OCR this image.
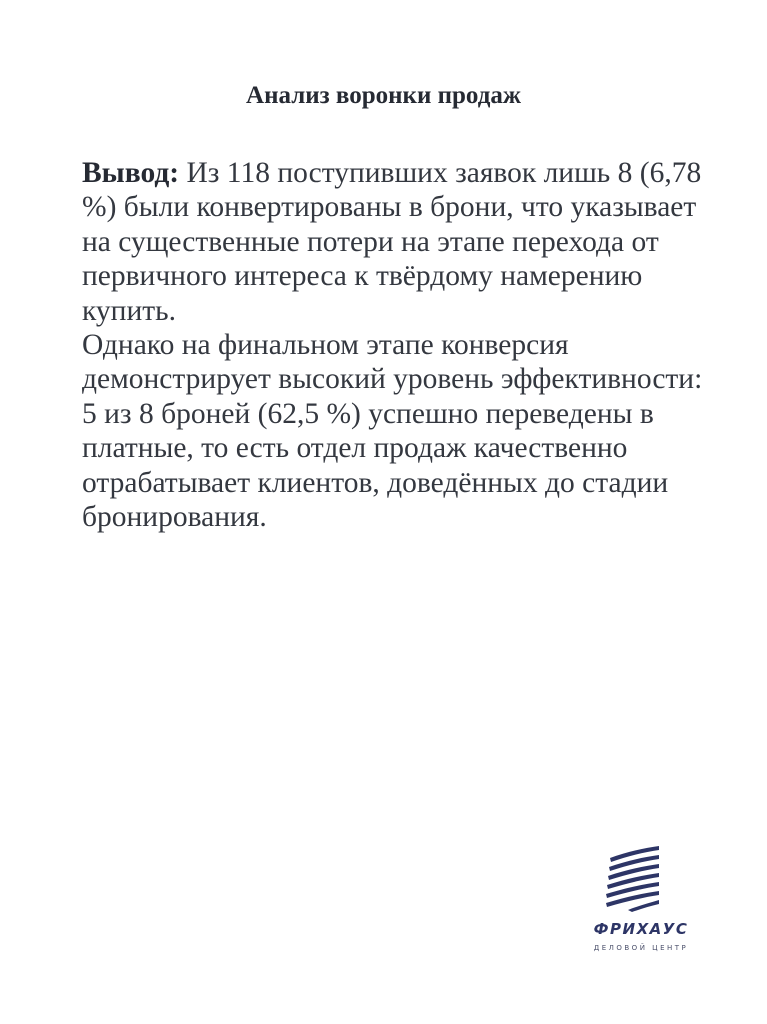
Анализ воронки продаж

Вывод: Из 118 поступивших заявок лишь 8 (6,78 %) были конвертированы в брони, что указывает на существенные потери на этапе перехода от первичного интереса к твёрдому намерению купить.

Однако на финальном этапе конверсия демонстрирует высокий уровень эффективности: 5 из 8 броней (62,5 %) успешно переведены в платные, то есть отдел продаж качественно отрабатывает клиентов, доведённых до стадии бронирования.

ФРИХАУС
ДЕЛОВОЙ ЦЕНТР
